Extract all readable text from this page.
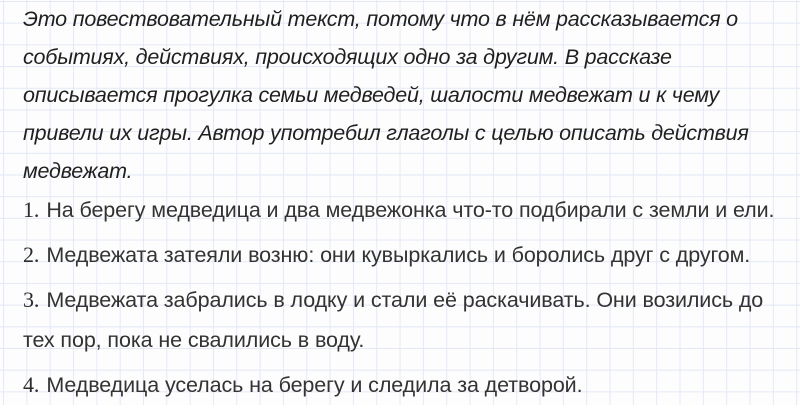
Это повествовательный текст, потому что в нём рассказывается о
событиях, действиях, происходящих одно за другим. В рассказе
описывается прогулка семьи медведей, шалости медвежат и к чему
привели их игры. Автор употребил глаголы с целью описать действия
медвежат.
1. На берегу медведица и два медвежонка что-то подбирали с земли и ели.
2. Медвежата затеяли возню: они кувыркались и боролись друг с другом.
3. Медвежата забрались в лодку и стали её раскачивать. Они возились до
тех пор, пока не свалились в воду.
4. Медведица уселась на берегу и следила за детворой.
